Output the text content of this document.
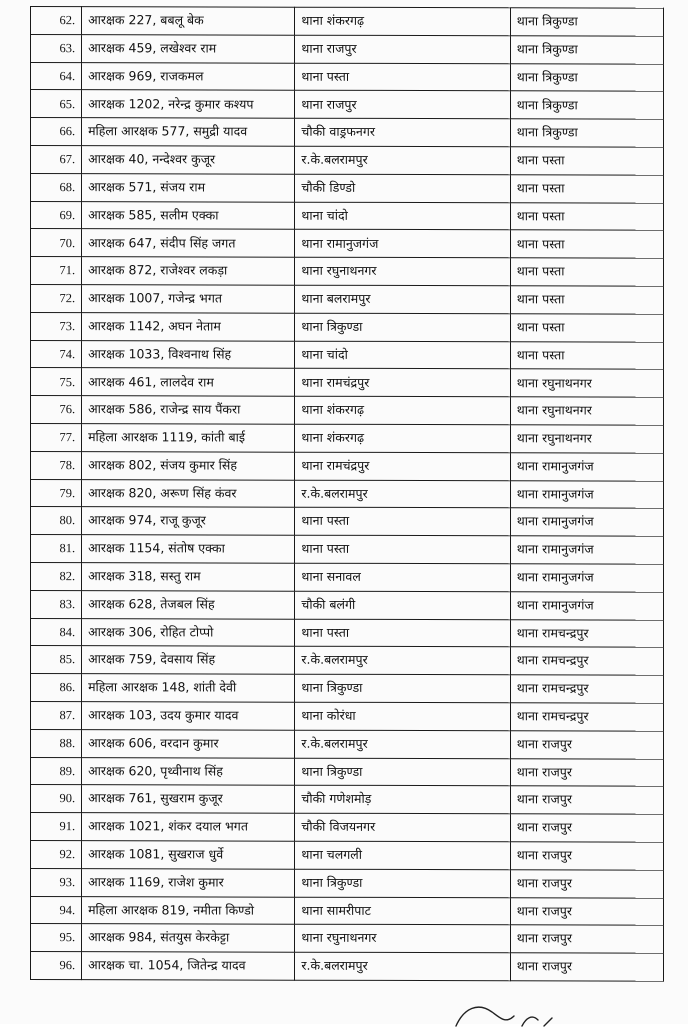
62.	आरक्षक 227, बबलू बेक	थाना शंकरगढ़	थाना त्रिकुण्डा
63.	आरक्षक 459, लखेश्वर राम	थाना राजपुर	थाना त्रिकुण्डा
64.	आरक्षक 969, राजकमल	थाना पस्ता	थाना त्रिकुण्डा
65.	आरक्षक 1202, नरेन्द्र कुमार कश्यप	थाना राजपुर	थाना त्रिकुण्डा
66.	महिला आरक्षक 577, समुद्री यादव	चौकी वाड्रफनगर	थाना त्रिकुण्डा
67.	आरक्षक 40, नन्देश्वर कुजूर	र.के.बलरामपुर	थाना पस्ता
68.	आरक्षक 571, संजय राम	चौकी डिण्डो	थाना पस्ता
69.	आरक्षक 585, सलीम एक्का	थाना चांदो	थाना पस्ता
70.	आरक्षक 647, संदीप सिंह जगत	थाना रामानुजगंज	थाना पस्ता
71.	आरक्षक 872, राजेश्वर लकड़ा	थाना रघुनाथनगर	थाना पस्ता
72.	आरक्षक 1007, गजेन्द्र भगत	थाना बलरामपुर	थाना पस्ता
73.	आरक्षक 1142, अघन नेताम	थाना त्रिकुण्डा	थाना पस्ता
74.	आरक्षक 1033, विश्वनाथ सिंह	थाना चांदो	थाना पस्ता
75.	आरक्षक 461, लालदेव राम	थाना रामचंद्रपुर	थाना रघुनाथनगर
76.	आरक्षक 586, राजेन्द्र साय पैंकरा	थाना शंकरगढ़	थाना रघुनाथनगर
77.	महिला आरक्षक 1119, कांती बाई	थाना शंकरगढ़	थाना रघुनाथनगर
78.	आरक्षक 802, संजय कुमार सिंह	थाना रामचंद्रपुर	थाना रामानुजगंज
79.	आरक्षक 820, अरूण सिंह कंवर	र.के.बलरामपुर	थाना रामानुजगंज
80.	आरक्षक 974, राजू कुजूर	थाना पस्ता	थाना रामानुजगंज
81.	आरक्षक 1154, संतोष एक्का	थाना पस्ता	थाना रामानुजगंज
82.	आरक्षक 318, सस्तु राम	थाना सनावल	थाना रामानुजगंज
83.	आरक्षक 628, तेजबल सिंह	चौकी बलंगी	थाना रामानुजगंज
84.	आरक्षक 306, रोहित टोप्पो	थाना पस्ता	थाना रामचन्द्रपुर
85.	आरक्षक 759, देवसाय सिंह	र.के.बलरामपुर	थाना रामचन्द्रपुर
86.	महिला आरक्षक 148, शांती देवी	थाना त्रिकुण्डा	थाना रामचन्द्रपुर
87.	आरक्षक 103, उदय कुमार यादव	थाना कोरंधा	थाना रामचन्द्रपुर
88.	आरक्षक 606, वरदान कुमार	र.के.बलरामपुर	थाना राजपुर
89.	आरक्षक 620, पृथ्वीनाथ सिंह	थाना त्रिकुण्डा	थाना राजपुर
90.	आरक्षक 761, सुखराम कुजूर	चौकी गणेशमोड़	थाना राजपुर
91.	आरक्षक 1021, शंकर दयाल भगत	चौकी विजयनगर	थाना राजपुर
92.	आरक्षक 1081, सुखराज धुर्वे	थाना चलगली	थाना राजपुर
93.	आरक्षक 1169, राजेश कुमार	थाना त्रिकुण्डा	थाना राजपुर
94.	महिला आरक्षक 819, नमीता किण्डो	थाना सामरीपाट	थाना राजपुर
95.	आरक्षक 984, संतयुस केरकेट्टा	थाना रघुनाथनगर	थाना राजपुर
96.	आरक्षक चा. 1054, जितेन्द्र यादव	र.के.बलरामपुर	थाना राजपुर
